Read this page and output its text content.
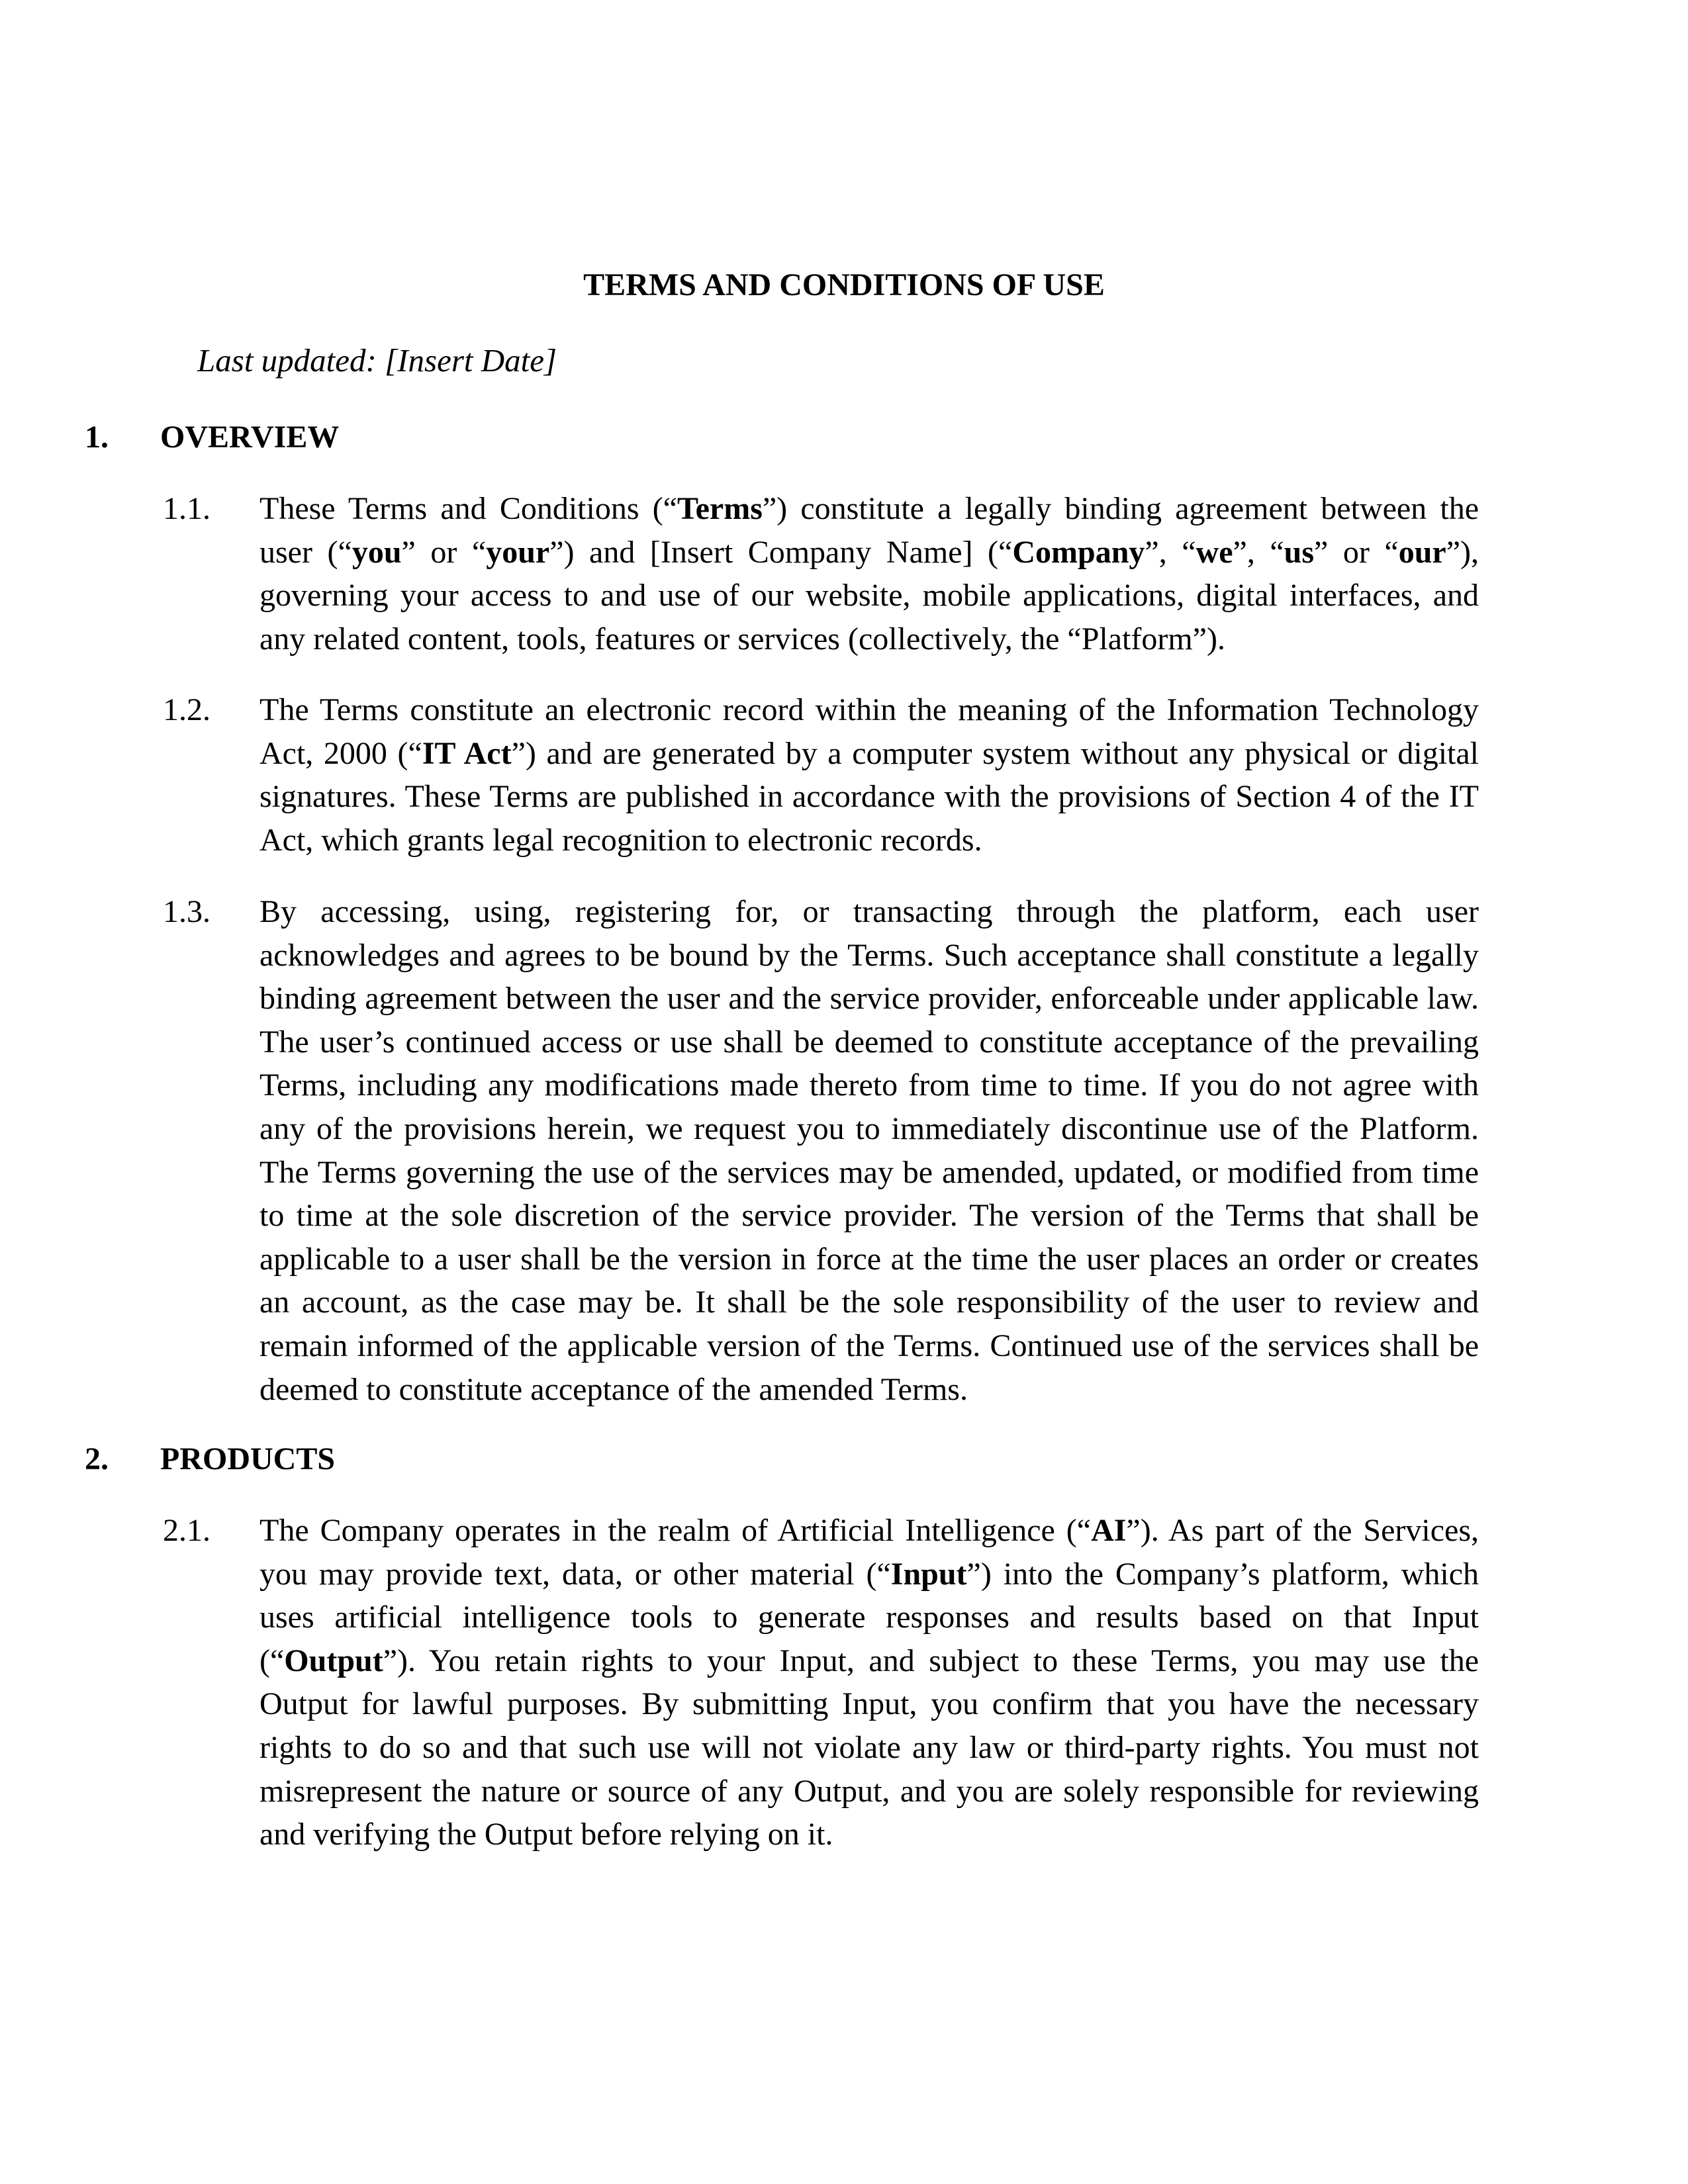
TERMS AND CONDITIONS OF USE

Last updated: [Insert Date]

1. OVERVIEW
1.1. These Terms and Conditions (“Terms”) constitute a legally binding agreement between the user (“you” or “your”) and [Insert Company Name] (“Company”, “we”, “us” or “our”), governing your access to and use of our website, mobile applications, digital interfaces, and any related content, tools, features or services (collectively, the “Platform”).

1.2. The Terms constitute an electronic record within the meaning of the Information Technology Act, 2000 (“IT Act”) and are generated by a computer system without any physical or digital signatures. These Terms are published in accordance with the provisions of Section 4 of the IT Act, which grants legal recognition to electronic records.

1.3. By accessing, using, registering for, or transacting through the platform, each user acknowledges and agrees to be bound by the Terms. Such acceptance shall constitute a legally binding agreement between the user and the service provider, enforceable under applicable law. The user’s continued access or use shall be deemed to constitute acceptance of the prevailing Terms, including any modifications made thereto from time to time. If you do not agree with any of the provisions herein, we request you to immediately discontinue use of the Platform. The Terms governing the use of the services may be amended, updated, or modified from time to time at the sole discretion of the service provider. The version of the Terms that shall be applicable to a user shall be the version in force at the time the user places an order or creates an account, as the case may be. It shall be the sole responsibility of the user to review and remain informed of the applicable version of the Terms. Continued use of the services shall be deemed to constitute acceptance of the amended Terms.

2. PRODUCTS
2.1. The Company operates in the realm of Artificial Intelligence (“AI”). As part of the Services, you may provide text, data, or other material (“Input”) into the Company’s platform, which uses artificial intelligence tools to generate responses and results based on that Input (“Output”). You retain rights to your Input, and subject to these Terms, you may use the Output for lawful purposes. By submitting Input, you confirm that you have the necessary rights to do so and that such use will not violate any law or third-party rights. You must not misrepresent the nature or source of any Output, and you are solely responsible for reviewing and verifying the Output before relying on it.
